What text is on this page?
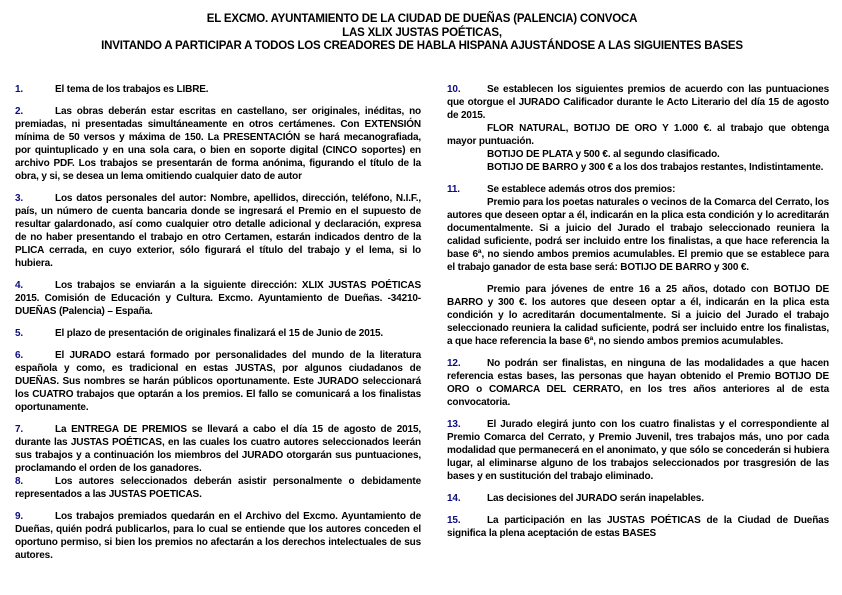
EL EXCMO. AYUNTAMIENTO DE LA CIUDAD DE DUEÑAS (PALENCIA) CONVOCA
LAS XLIX JUSTAS POÉTICAS,
INVITANDO A PARTICIPAR A TODOS LOS CREADORES DE HABLA HISPANA AJUSTÁNDOSE A LAS SIGUIENTES BASES

1.	El tema de los trabajos es LIBRE.

2.	Las obras deberán estar escritas en castellano, ser originales, inéditas, no premiadas, ni presentadas simultáneamente en otros certámenes. Con EXTENSIÓN mínima de 50 versos y máxima de 150. La PRESENTACIÓN se hará mecanografiada, por quintuplicado y en una sola cara, o bien en soporte digital (CINCO soportes) en archivo PDF. Los trabajos se presentarán de forma anónima, figurando el título de la obra, y si, se desea un lema omitiendo cualquier dato de autor

3.	Los datos personales del autor: Nombre, apellidos, dirección, teléfono, N.I.F., país, un número de cuenta bancaria donde se ingresará el Premio en el supuesto de resultar galardonado, así como cualquier otro detalle adicional y declaración, expresa de no haber presentando el trabajo en otro Certamen, estarán indicados dentro de la PLICA cerrada, en cuyo exterior, sólo figurará el título del trabajo y el lema, si lo hubiera.

4.	Los trabajos se enviarán a la siguiente dirección: XLIX JUSTAS POÉTICAS 2015. Comisión de Educación y Cultura. Excmo. Ayuntamiento de Dueñas. -34210- DUEÑAS (Palencia) – España.

5.	El plazo de presentación de originales finalizará el 15 de Junio de 2015.

6.	El JURADO estará formado por personalidades del mundo de la literatura española y como, es tradicional en estas JUSTAS, por algunos ciudadanos de DUEÑAS. Sus nombres se harán públicos oportunamente. Este JURADO seleccionará los CUATRO trabajos que optarán a los premios. El fallo se comunicará a los finalistas oportunamente.

7.	La ENTREGA DE PREMIOS se llevará a cabo el día 15 de agosto de 2015, durante las JUSTAS POÉTICAS, en las cuales los cuatro autores seleccionados leerán sus trabajos y a continuación los miembros del JURADO otorgarán sus puntuaciones, proclamando el orden de los ganadores.

8.	Los autores seleccionados deberán asistir personalmente o debidamente representados a las JUSTAS POETICAS.

9.	Los trabajos premiados quedarán en el Archivo del Excmo. Ayuntamiento de Dueñas, quién podrá publicarlos, para lo cual se entiende que los autores conceden el oportuno permiso, si bien los premios no afectarán a los derechos intelectuales de sus autores.

10.	Se establecen los siguientes premios de acuerdo con las puntuaciones que otorgue el JURADO Calificador durante le Acto Literario del día 15 de agosto de 2015.

FLOR NATURAL, BOTIJO DE ORO Y 1.000 €. al trabajo que obtenga mayor puntuación.

BOTIJO DE PLATA y 500 €. al segundo clasificado.

BOTIJO DE BARRO y 300 € a los dos trabajos restantes, Indistintamente.

11.	Se establece además otros dos premios:

Premio para los poetas naturales o vecinos de la Comarca del Cerrato, los autores que deseen optar a él, indicarán en la plica esta condición y lo acreditarán documentalmente. Si a juicio del Jurado el trabajo seleccionado reuniera la calidad suficiente, podrá ser incluido entre los finalistas, a que hace referencia la base 6ª, no siendo ambos premios acumulables. El premio que se establece para el trabajo ganador de esta base será: BOTIJO DE BARRO y 300 €.

Premio para jóvenes de entre 16 a 25 años, dotado con BOTIJO DE BARRO y 300 €. los autores que deseen optar a él, indicarán en la plica esta condición y lo acreditarán documentalmente. Si a juicio del Jurado el trabajo seleccionado reuniera la calidad suficiente, podrá ser incluido entre los finalistas, a que hace referencia la base 6ª, no siendo ambos premios acumulables.

12.	No podrán ser finalistas, en ninguna de las modalidades a que hacen referencia estas bases, las personas que hayan obtenido el Premio BOTIJO DE ORO o COMARCA DEL CERRATO, en los tres años anteriores al de esta convocatoria.

13.	El Jurado elegirá junto con los cuatro finalistas y el correspondiente al Premio Comarca del Cerrato, y Premio Juvenil, tres trabajos más, uno por cada modalidad que permanecerá en el anonimato, y que sólo se concederán si hubiera lugar, al eliminarse alguno de los trabajos seleccionados por trasgresión de las bases y en sustitución del trabajo eliminado.

14.	Las decisiones del JURADO serán inapelables.

15.	La participación en las JUSTAS POÉTICAS de la Ciudad de Dueñas significa la plena aceptación de estas BASES
